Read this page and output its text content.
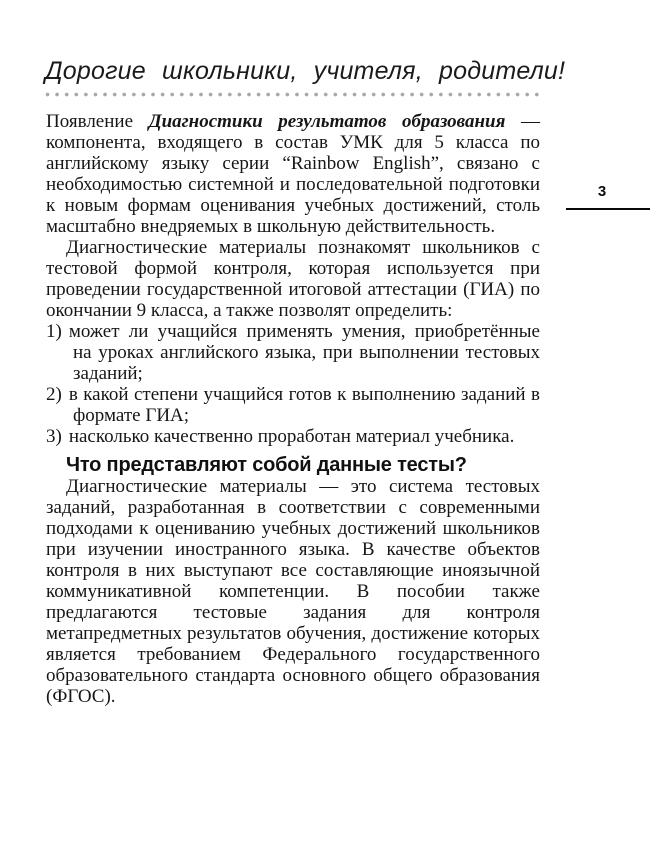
3
Дорогие школьники, учителя, родители!

Появление Диагностики результатов образования — компонента, входящего в состав УМК для 5 класса по английскому языку серии “Rainbow English”, связано с необходимостью системной и последовательной подготовки к новым формам оценивания учебных достижений, столь масштабно внедряемых в школьную действительность.

Диагностические материалы познакомят школьников с тестовой формой контроля, которая используется при проведении государственной итоговой аттестации (ГИА) по окончании 9 класса, а также позволят определить:

1) может ли учащийся применять умения, приобретённые на уроках английского языка, при выполнении тестовых заданий;
2) в какой степени учащийся готов к выполнению заданий в формате ГИА;
3) насколько качественно проработан материал учебника.
Что представляют собой данные тесты?

Диагностические материалы — это система тестовых заданий, разработанная в соответствии с современными подходами к оцениванию учебных достижений школьников при изучении иностранного языка. В качестве объектов контроля в них выступают все составляющие иноязычной коммуникативной компетенции. В пособии также предлагаются тестовые задания для контроля метапредметных результатов обучения, достижение которых является требованием Федерального государственного образовательного стандарта основного общего образования (ФГОС).
